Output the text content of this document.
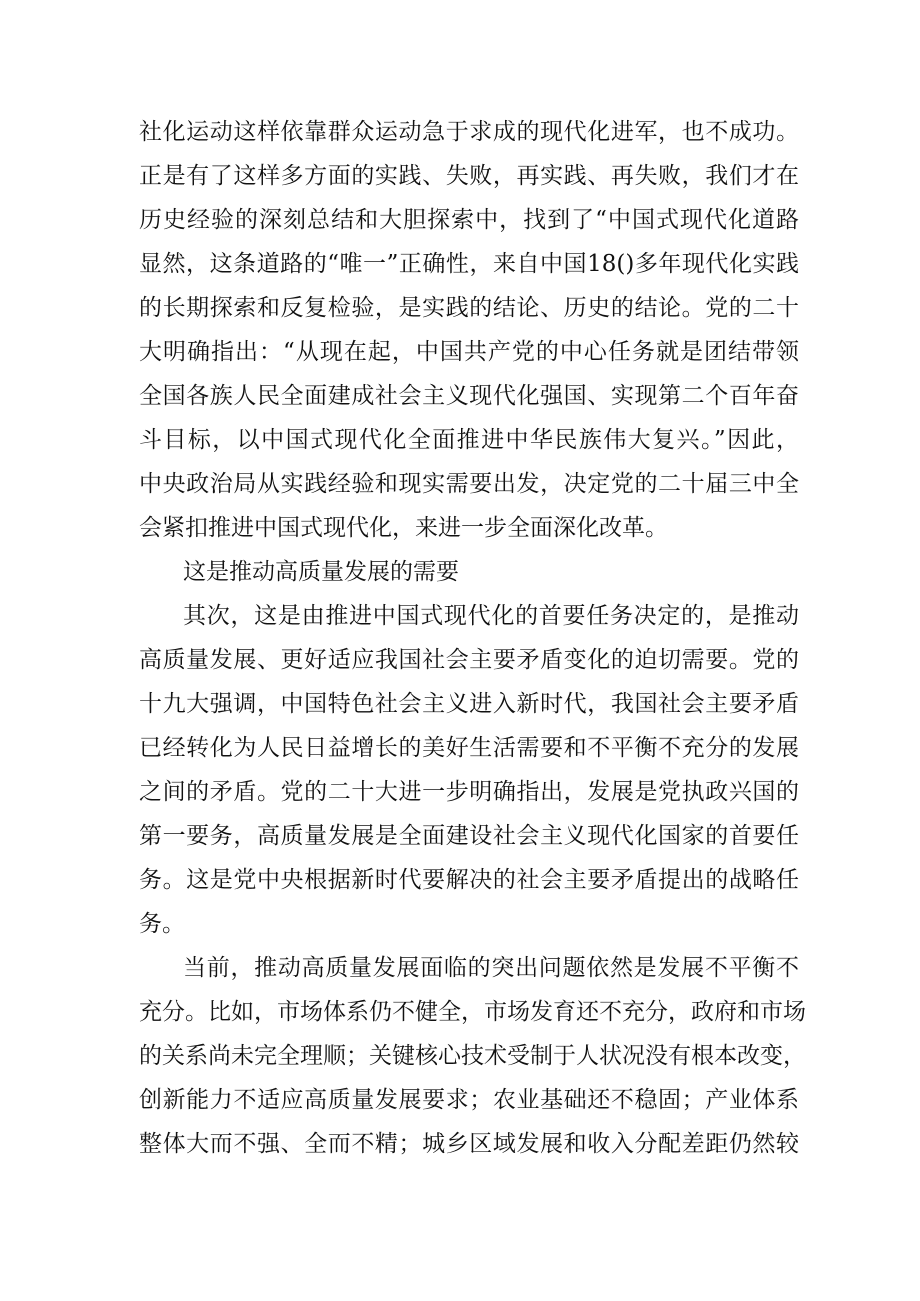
社化运动这样依靠群众运动急于求成的现代化进军，也不成功。
正是有了这样多方面的实践、失败，再实践、再失败，我们才在
历史经验的深刻总结和大胆探索中，找到了“中国式现代化道路
显然，这条道路的“唯一”正确性，来自中国18()多年现代化实践
的长期探索和反复检验，是实践的结论、历史的结论。党的二十
大明确指出：“从现在起，中国共产党的中心任务就是团结带领
全国各族人民全面建成社会主义现代化强国、实现第二个百年奋
斗目标，以中国式现代化全面推进中华民族伟大复兴。”因此，
中央政治局从实践经验和现实需要出发，决定党的二十届三中全
会紧扣推进中国式现代化，来进一步全面深化改革。
这是推动高质量发展的需要
其次，这是由推进中国式现代化的首要任务决定的，是推动
高质量发展、更好适应我国社会主要矛盾变化的迫切需要。党的
十九大强调，中国特色社会主义进入新时代，我国社会主要矛盾
已经转化为人民日益增长的美好生活需要和不平衡不充分的发展
之间的矛盾。党的二十大进一步明确指出，发展是党执政兴国的
第一要务，高质量发展是全面建设社会主义现代化国家的首要任
务。这是党中央根据新时代要解决的社会主要矛盾提出的战略任
务。
当前，推动高质量发展面临的突出问题依然是发展不平衡不
充分。比如，市场体系仍不健全，市场发育还不充分，政府和市场
的关系尚未完全理顺；关键核心技术受制于人状况没有根本改变，
创新能力不适应高质量发展要求；农业基础还不稳固；产业体系
整体大而不强、全而不精；城乡区域发展和收入分配差距仍然较
